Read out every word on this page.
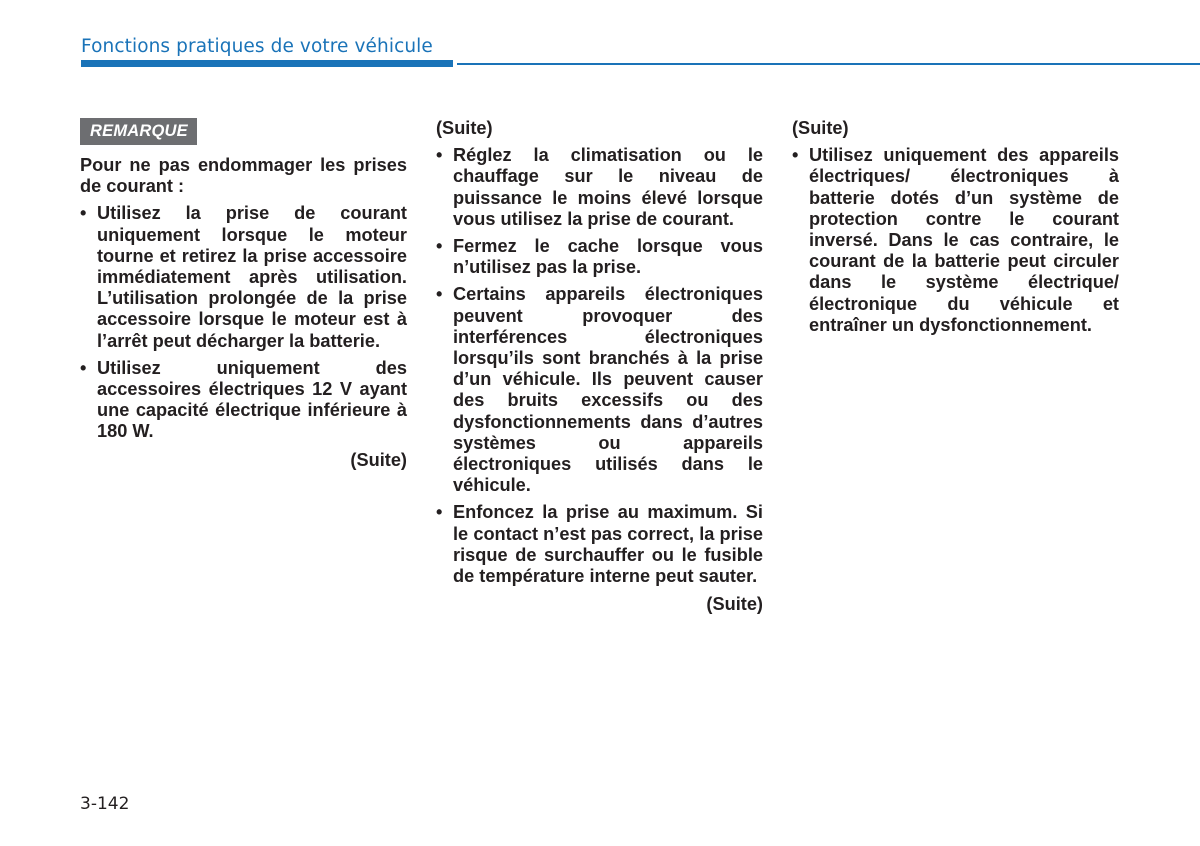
Fonctions pratiques de votre véhicule
REMARQUE

Pour ne pas endommager les prises de courant :

• Utilisez la prise de courant uniquement lorsque le moteur tourne et retirez la prise accessoire immédiatement après utilisation. L’utilisation prolongée de la prise accessoire lorsque le moteur est à l’arrêt peut décharger la batterie.
• Utilisez uniquement des accessoires électriques 12 V ayant une capacité électrique inférieure à 180 W.
(Suite)
(Suite)
• Réglez la climatisation ou le chauffage sur le niveau de puissance le moins élevé lorsque vous utilisez la prise de courant.
• Fermez le cache lorsque vous n’utilisez pas la prise.
• Certains appareils électroniques peuvent provoquer des interférences électroniques lorsqu’ils sont branchés à la prise d’un véhicule. Ils peuvent causer des bruits excessifs ou des dysfonctionnements dans d’autres systèmes ou appareils électroniques utilisés dans le véhicule.
• Enfoncez la prise au maximum. Si le contact n’est pas correct, la prise risque de surchauffer ou le fusible de température interne peut sauter.
(Suite)
(Suite)
• Utilisez uniquement des appareils électriques/ électroniques à batterie dotés d’un système de protection contre le courant inversé. Dans le cas contraire, le courant de la batterie peut circuler dans le système électrique/électronique du véhicule et entraîner un dysfonctionnement.
3-142
